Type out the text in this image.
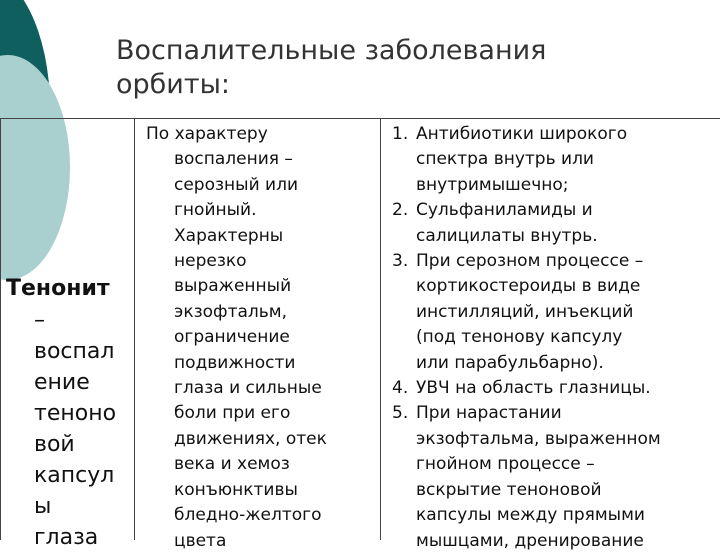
Воспалительные заболевания
орбиты:
Тенонит
–
воспал
ение
теноно
вой
капсул
ы
глаза
По характеру
воспаления –
серозный или
гнойный.
Характерны
нерезко
выраженный
экзофтальм,
ограничение
подвижности
глаза и сильные
боли при его
движениях, отек
века и хемоз
конъюнктивы
бледно-желтого
цвета
1. Антибиотики широкого
спектра внутрь или
внутримышечно;
2. Сульфаниламиды и
салицилаты внутрь.
3. При серозном процессе –
кортикостероиды в виде
инстилляций, инъекций
(под тенонову капсулу
или парабульбарно).
4. УВЧ на область глазницы.
5. При нарастании
экзофтальма, выраженном
гнойном процессе –
вскрытие теноновой
капсулы между прямыми
мышцами, дренирование
